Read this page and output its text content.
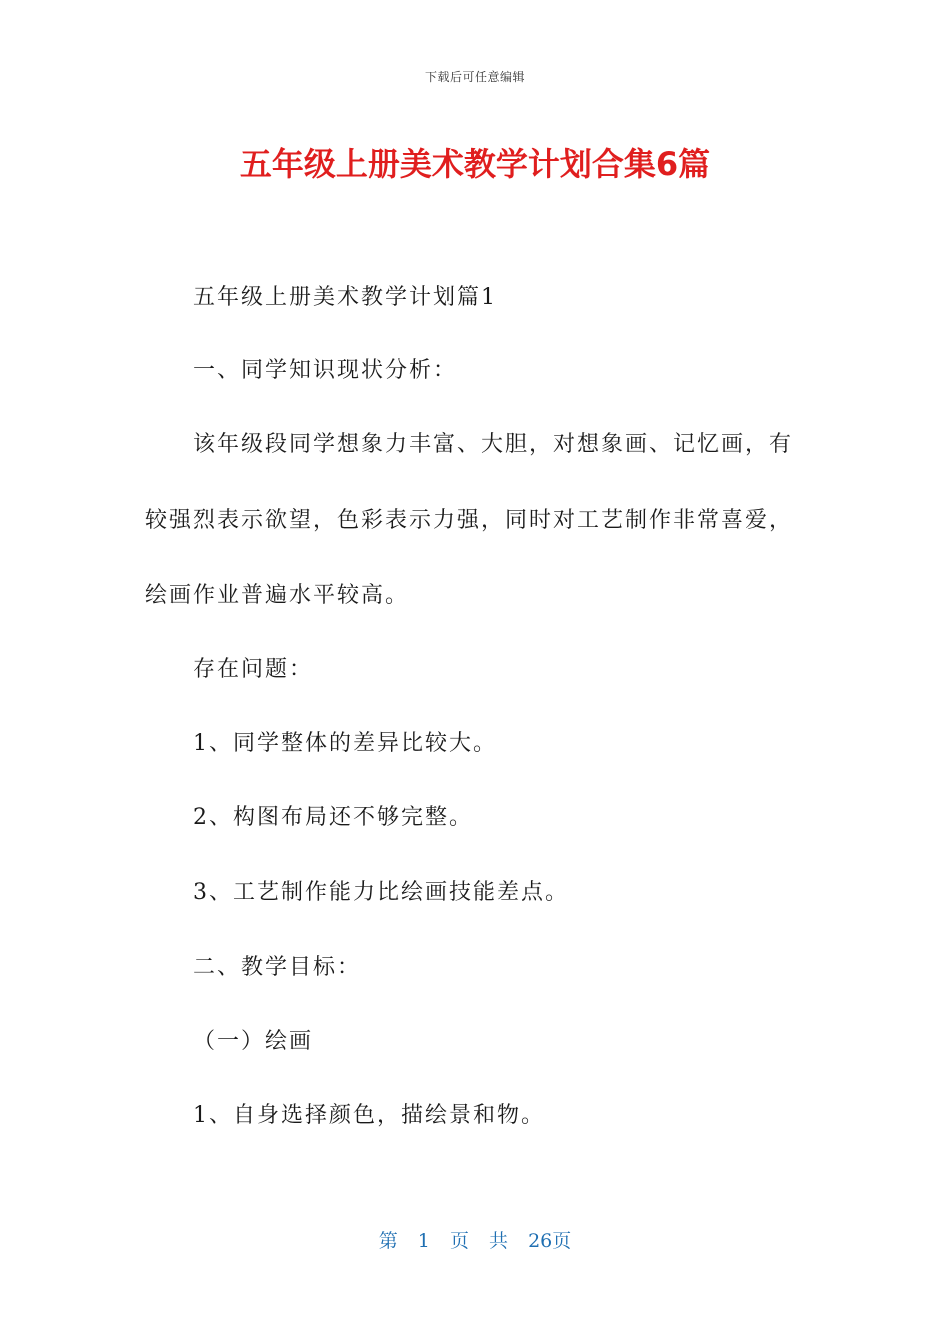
下载后可任意编辑
五年级上册美术教学计划合集6篇
五年级上册美术教学计划篇1
一、同学知识现状分析：
该年级段同学想象力丰富、大胆，对想象画、记忆画，有
较强烈表示欲望，色彩表示力强，同时对工艺制作非常喜爱，
绘画作业普遍水平较高。
存在问题：
1、同学整体的差异比较大。
2、构图布局还不够完整。
3、工艺制作能力比绘画技能差点。
二、教学目标：
（一）绘画
1、自身选择颜色，描绘景和物。
第 1 页 共 26页
